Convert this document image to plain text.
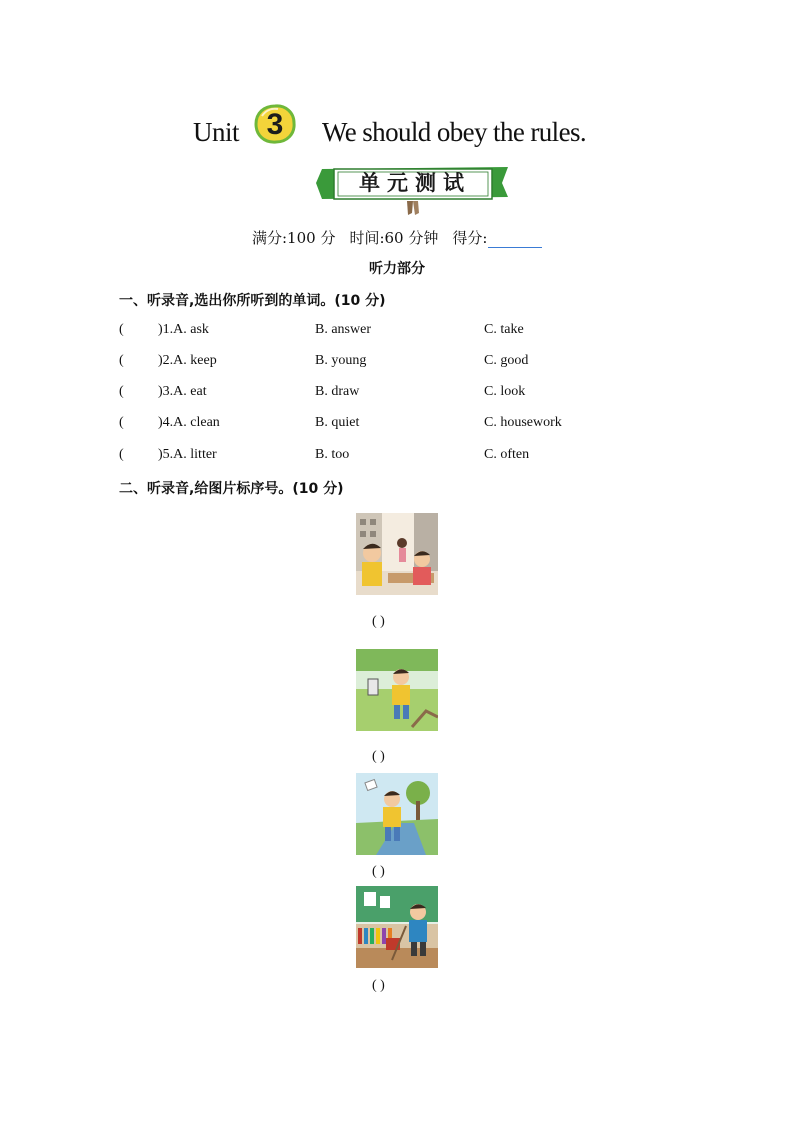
Unit 3	We should obey the rules.
单元测试
满分:100 分 时间:60 分钟 得分:
听力部分
一、听录音,选出你所听到的单词。(10 分)
( )1.A. ask	B. answer	C. take
( )2.A. keep	B. young	C. good
( )3.A. eat	B. draw	C. look
( )4.A. clean	B. quiet	C. housework
( )5.A. litter	B. too	C. often
二、听录音,给图片标序号。(10 分)
( )
( )
( )
( )
